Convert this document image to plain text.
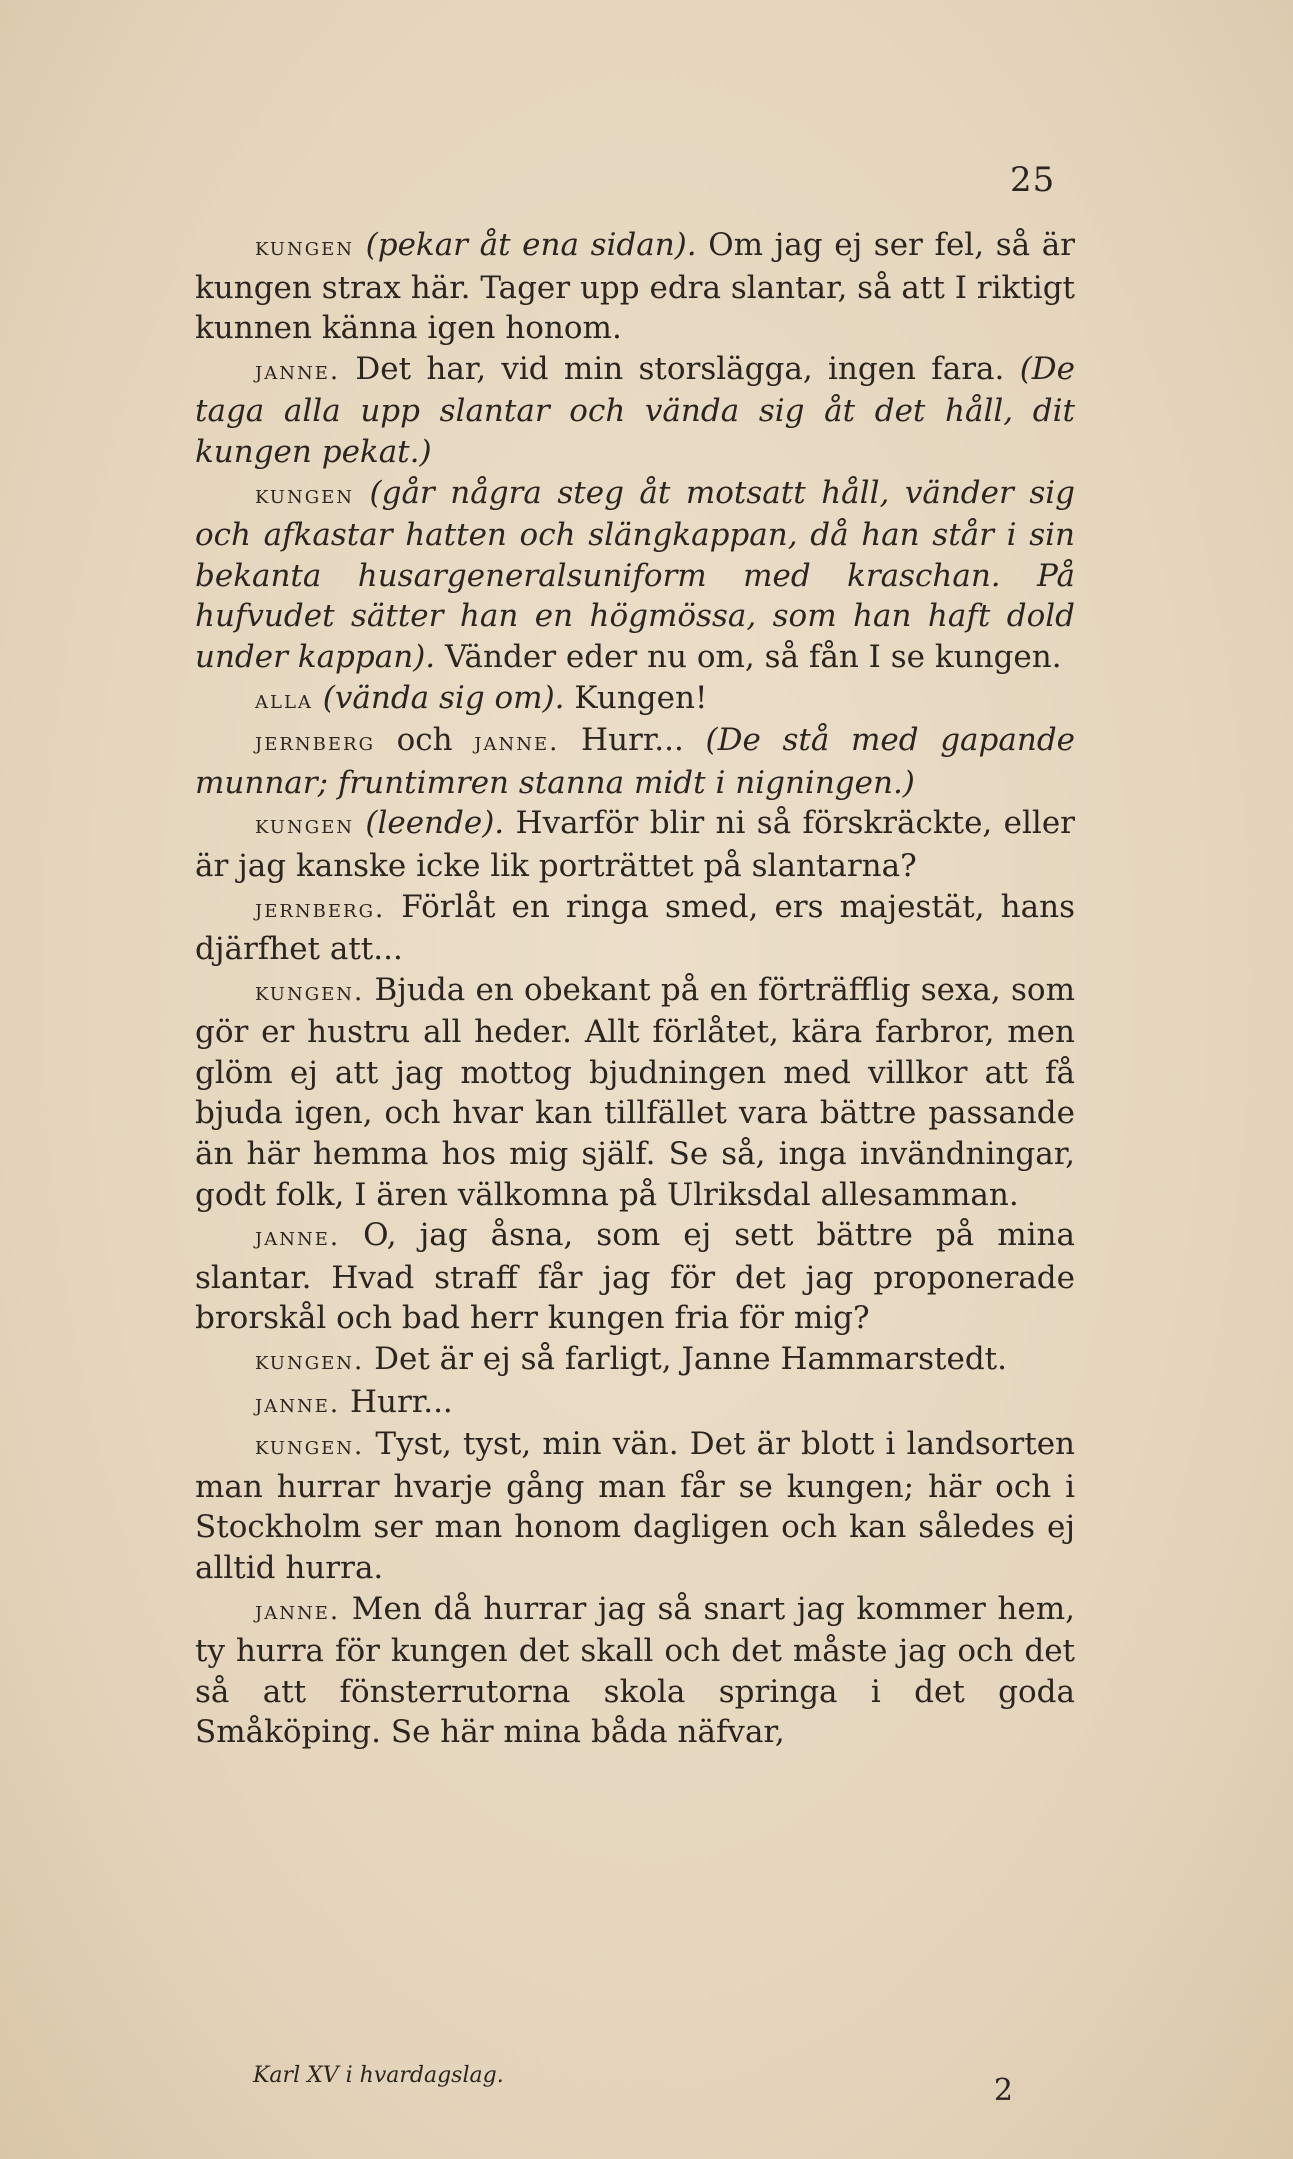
25

kungen (pekar åt ena sidan). Om jag ej ser fel, så är kungen strax här. Tager upp edra slantar, så att I riktigt kunnen känna igen honom.

janne. Det har, vid min storslägga, ingen fara. (De taga alla upp slantar och vända sig åt det håll, dit kungen pekat.)

kungen (går några steg åt motsatt håll, vänder sig och afkastar hatten och slängkappan, då han står i sin bekanta husargeneralsuniform med kraschan. På hufvudet sätter han en högmössa, som han haft dold under kappan). Vänder eder nu om, så fån I se kungen.

alla (vända sig om). Kungen!

jernberg och janne. Hurr... (De stå med gapande munnar; fruntimren stanna midt i nigningen.)

kungen (leende). Hvarför blir ni så förskräckte, eller är jag kanske icke lik porträttet på slantarna?

jernberg. Förlåt en ringa smed, ers majestät, hans djärfhet att...

kungen. Bjuda en obekant på en förträfflig sexa, som gör er hustru all heder. Allt förlåtet, kära farbror, men glöm ej att jag mottog bjudningen med villkor att få bjuda igen, och hvar kan tillfället vara bättre passande än här hemma hos mig själf. Se så, inga invändningar, godt folk, I ären välkomna på Ulriksdal allesamman.

janne. O, jag åsna, som ej sett bättre på mina slantar. Hvad straff får jag för det jag proponerade brorskål och bad herr kungen fria för mig?

kungen. Det är ej så farligt, Janne Hammarstedt.

janne. Hurr...

kungen. Tyst, tyst, min vän. Det är blott i landsorten man hurrar hvarje gång man får se kungen; här och i Stockholm ser man honom dagligen och kan således ej alltid hurra.

janne. Men då hurrar jag så snart jag kommer hem, ty hurra för kungen det skall och det måste jag och det så att fönsterrutorna skola springa i det goda Småköping. Se här mina båda näfvar,

Karl XV i hvardagslag.	2
